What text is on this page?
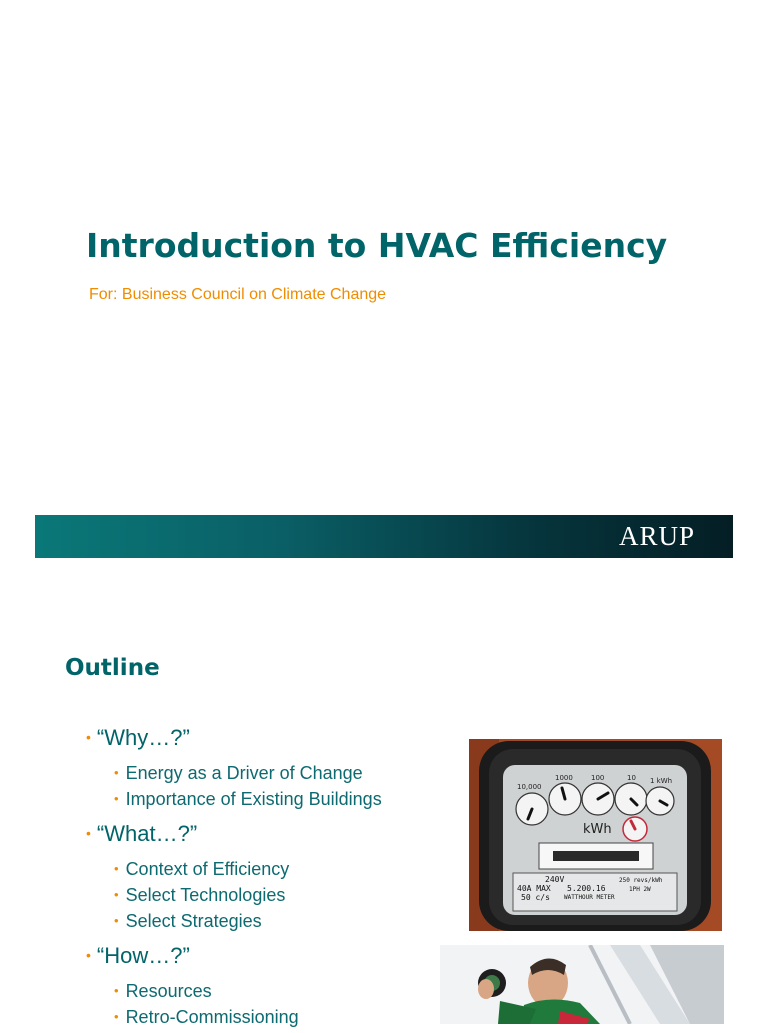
Introduction to HVAC Efficiency
For: Business Council on Climate Change
ARUP
Outline
• “Why…?”
• Energy as a Driver of Change
• Importance of Existing Buildings
• “What…?”
• Context of Efficiency
• Select Technologies
• Select Strategies
• “How…?”
• Resources
• Retro-Commissioning
10,000
1000	100	10 1 kWh
kWh
240V
40A MAX
50 c/s
5.200.16
WATTHOUR METER
250 revs/kWh
1PH 2W
